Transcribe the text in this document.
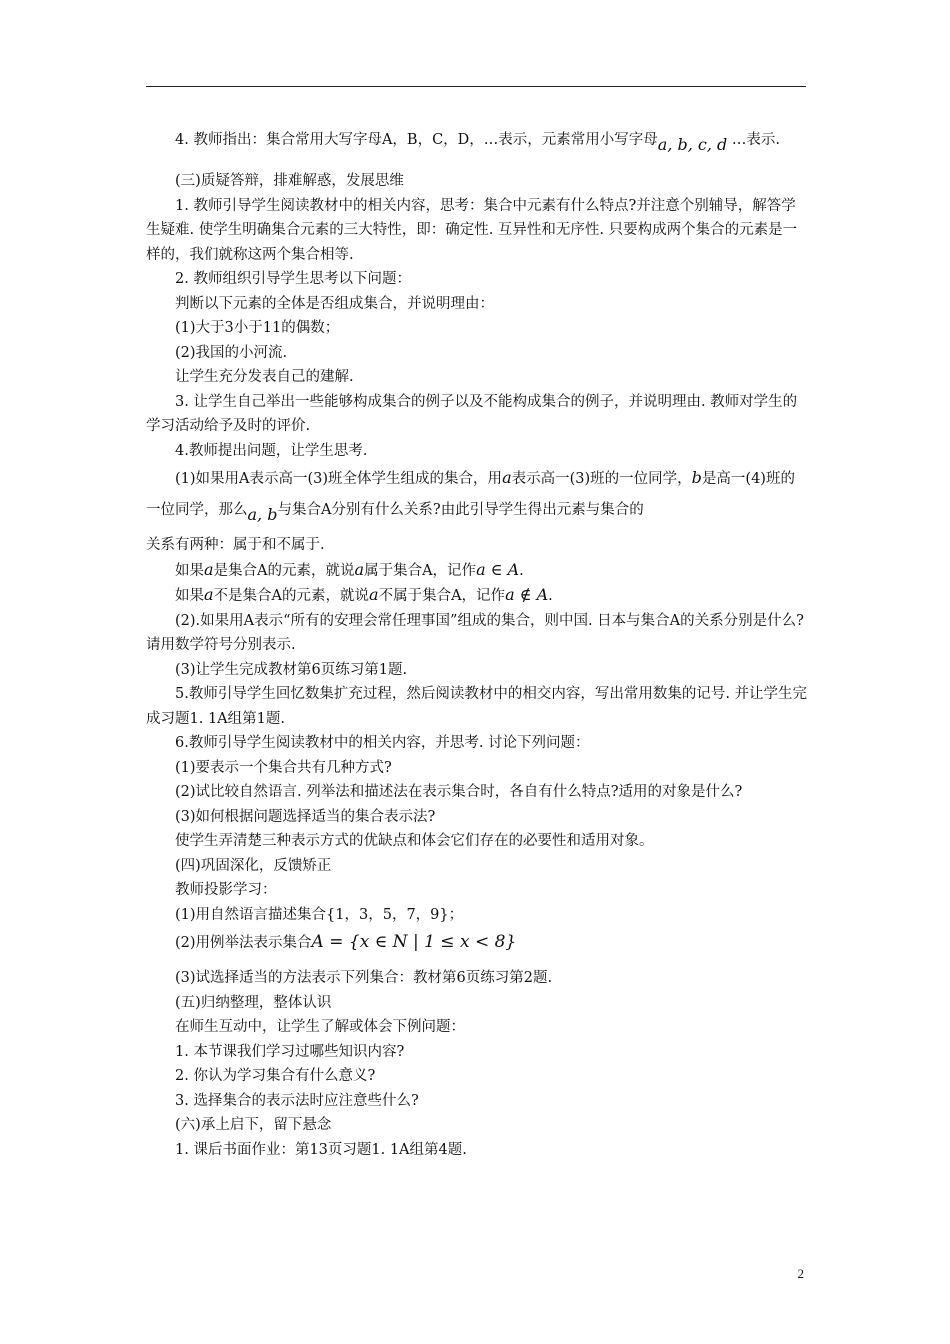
4. 教师指出：集合常用大写字母A，B，C，D，…表示，元素常用小写字母a, b, c, d …表示.

(三)质疑答辩，排难解惑，发展思维

1. 教师引导学生阅读教材中的相关内容，思考：集合中元素有什么特点?并注意个别辅导，解答学生疑难. 使学生明确集合元素的三大特性，即：确定性. 互异性和无序性. 只要构成两个集合的元素是一样的，我们就称这两个集合相等.

2. 教师组织引导学生思考以下问题：

判断以下元素的全体是否组成集合，并说明理由：

(1)大于3小于11的偶数；

(2)我国的小河流.

让学生充分发表自己的建解.

3. 让学生自己举出一些能够构成集合的例子以及不能构成集合的例子，并说明理由. 教师对学生的学习活动给予及时的评价.

4.教师提出问题，让学生思考.

(1)如果用A表示高一(3)班全体学生组成的集合，用a表示高一(3)班的一位同学，b是高一(4)班的一位同学，那么a, b与集合A分别有什么关系?由此引导学生得出元素与集合的

关系有两种：属于和不属于.

如果a是集合A的元素，就说a属于集合A，记作a ∈ A.

如果a不是集合A的元素，就说a不属于集合A，记作a ∉ A.

(2).如果用A表示“所有的安理会常任理事国”组成的集合，则中国. 日本与集合A的关系分别是什么?请用数学符号分别表示.

(3)让学生完成教材第6页练习第1题.

5.教师引导学生回忆数集扩充过程，然后阅读教材中的相交内容，写出常用数集的记号. 并让学生完成习题1. 1A组第1题.

6.教师引导学生阅读教材中的相关内容，并思考. 讨论下列问题：

(1)要表示一个集合共有几种方式?

(2)试比较自然语言. 列举法和描述法在表示集合时，各自有什么特点?适用的对象是什么?

(3)如何根据问题选择适当的集合表示法?

使学生弄清楚三种表示方式的优缺点和体会它们存在的必要性和适用对象。

(四)巩固深化，反馈矫正

教师投影学习：

(1)用自然语言描述集合{1，3，5，7，9}；

(2)用例举法表示集合A = {x ∈ N | 1 ≤ x < 8}

(3)试选择适当的方法表示下列集合：教材第6页练习第2题.

(五)归纳整理，整体认识

在师生互动中，让学生了解或体会下例问题：

1. 本节课我们学习过哪些知识内容?

2. 你认为学习集合有什么意义?

3. 选择集合的表示法时应注意些什么?

(六)承上启下，留下悬念

1. 课后书面作业：第13页习题1. 1A组第4题.

2
